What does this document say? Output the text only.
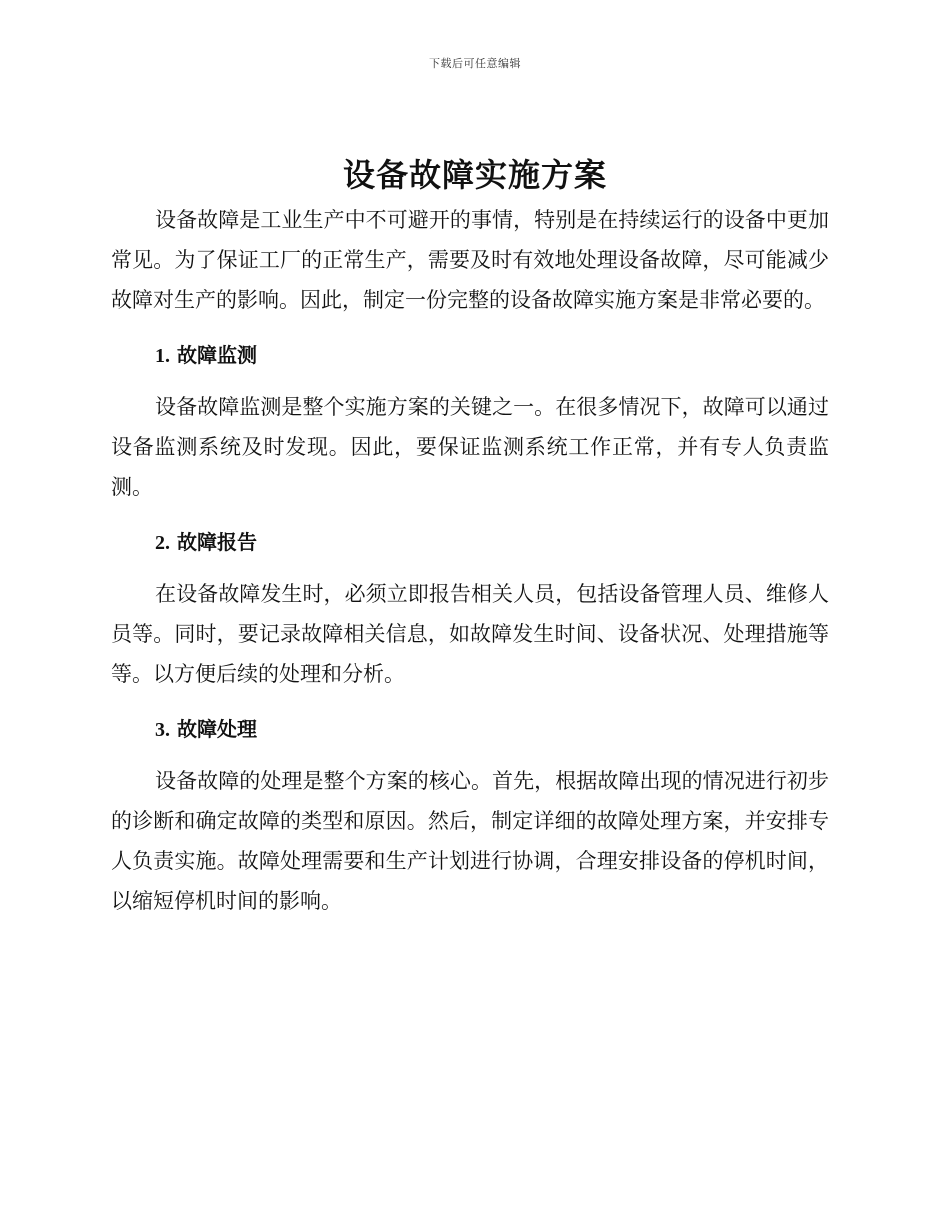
下载后可任意编辑
设备故障实施方案

设备故障是工业生产中不可避开的事情，特别是在持续运行的设备中更加常见。为了保证工厂的正常生产，需要及时有效地处理设备故障，尽可能减少故障对生产的影响。因此，制定一份完整的设备故障实施方案是非常必要的。

1. 故障监测

设备故障监测是整个实施方案的关键之一。在很多情况下，故障可以通过设备监测系统及时发现。因此，要保证监测系统工作正常，并有专人负责监测。

2. 故障报告

在设备故障发生时，必须立即报告相关人员，包括设备管理人员、维修人员等。同时，要记录故障相关信息，如故障发生时间、设备状况、处理措施等等。以方便后续的处理和分析。

3. 故障处理

设备故障的处理是整个方案的核心。首先，根据故障出现的情况进行初步的诊断和确定故障的类型和原因。然后，制定详细的故障处理方案，并安排专人负责实施。故障处理需要和生产计划进行协调，合理安排设备的停机时间，以缩短停机时间的影响。
